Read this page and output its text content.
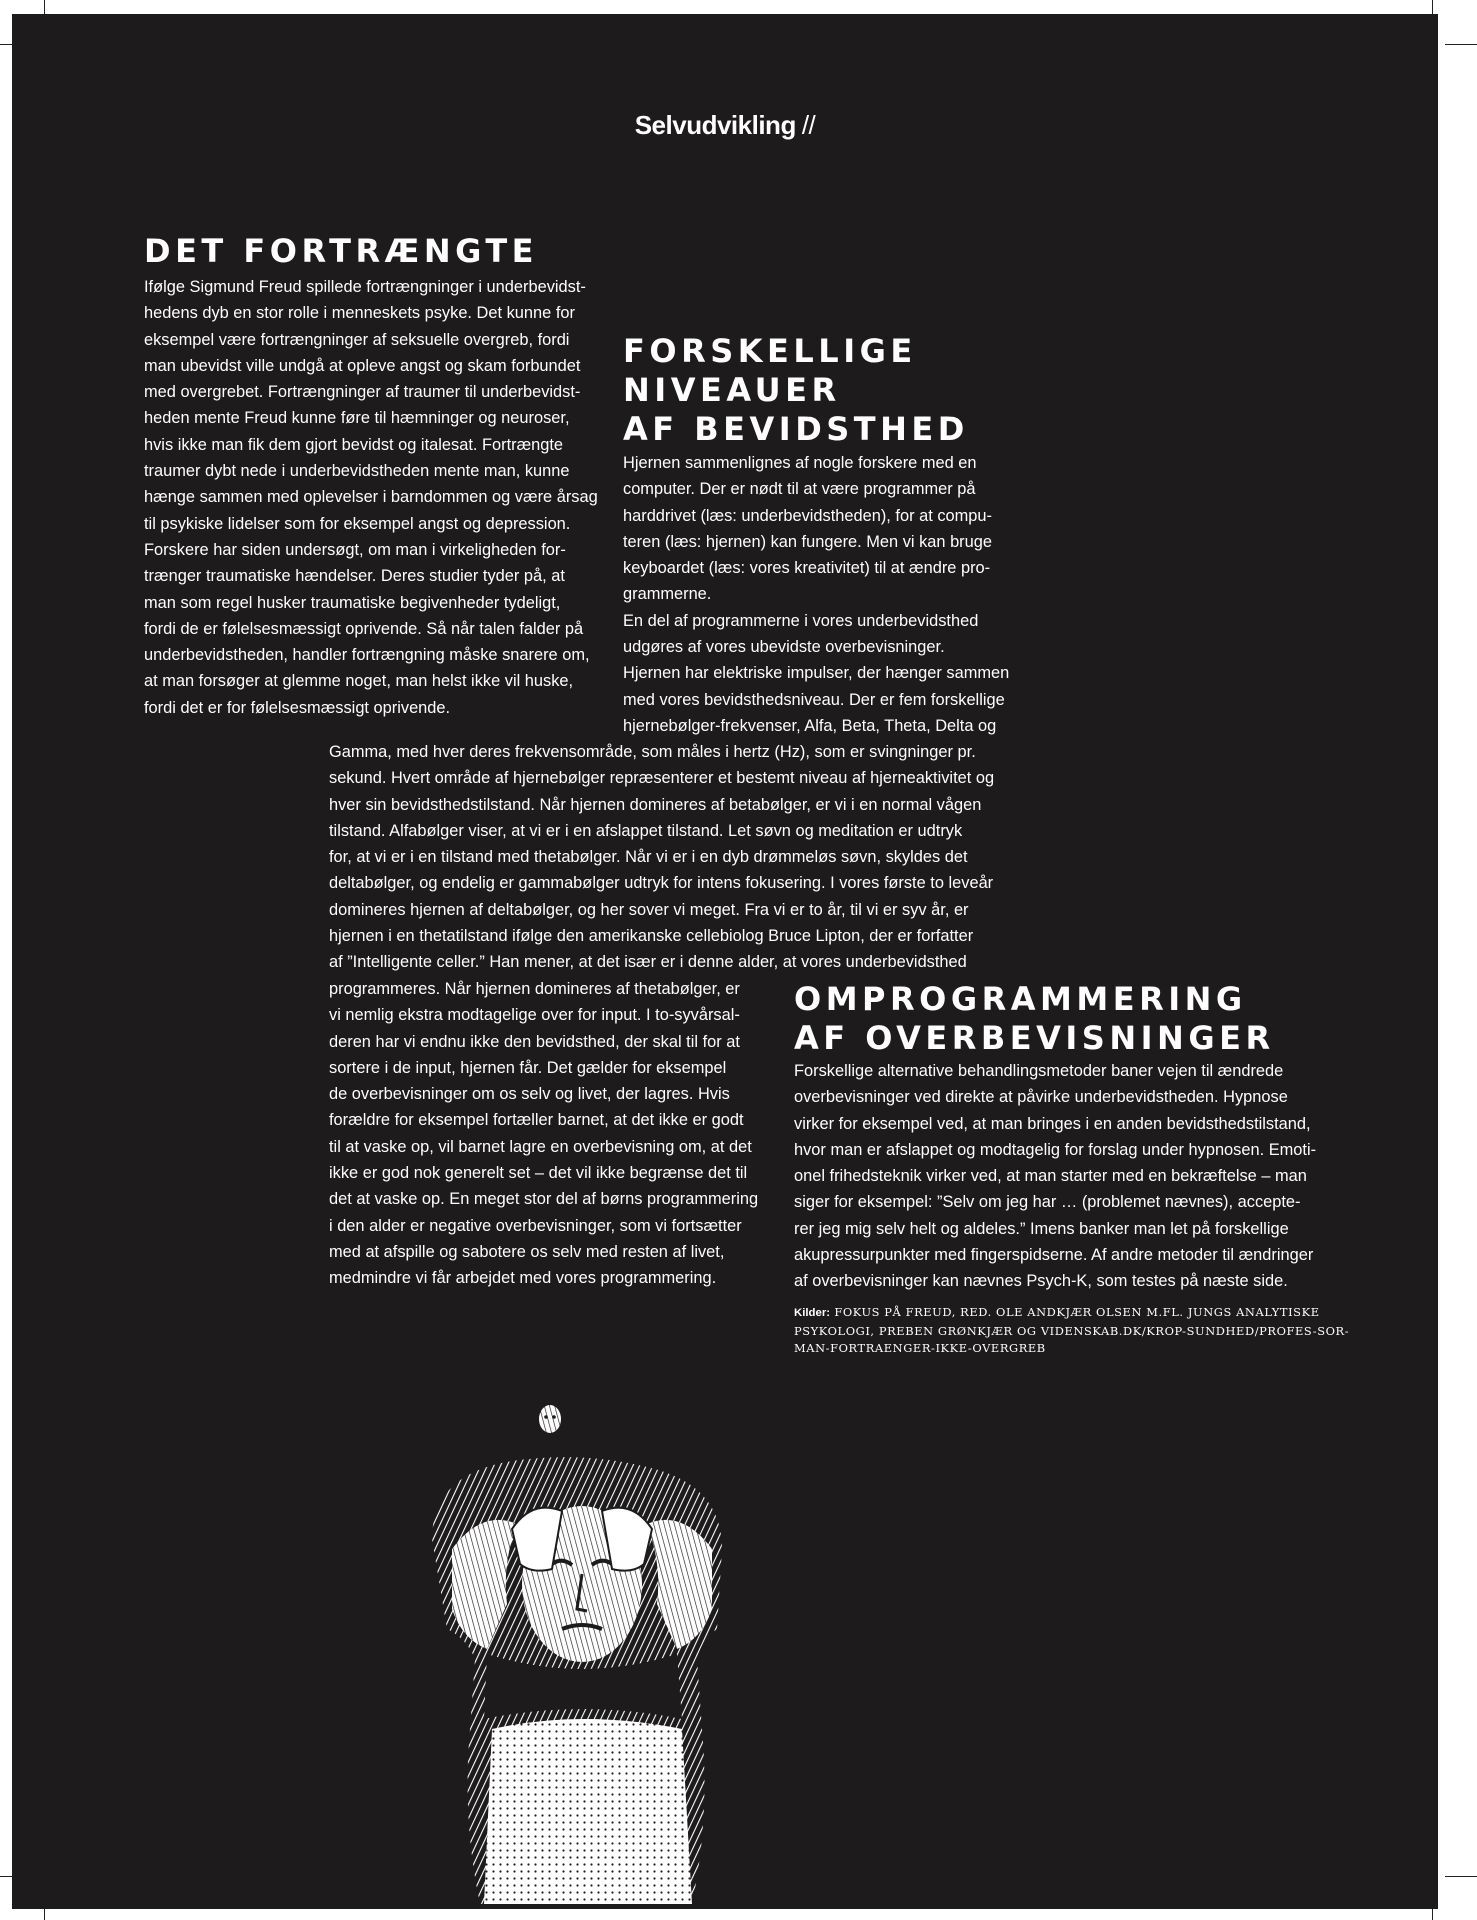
Selvudvikling //
DET FORTRÆNGTE
Ifølge Sigmund Freud spillede fortrængninger i underbevidst-
hedens dyb en stor rolle i menneskets psyke. Det kunne for
eksempel være fortrængninger af seksuelle overgreb, fordi
man ubevidst ville undgå at opleve angst og skam forbundet
med overgrebet. Fortrængninger af traumer til underbevidst-
heden mente Freud kunne føre til hæmninger og neuroser,
hvis ikke man fik dem gjort bevidst og italesat. Fortrængte
traumer dybt nede i underbevidstheden mente man, kunne
hænge sammen med oplevelser i barndommen og være årsag
til psykiske lidelser som for eksempel angst og depression.
Forskere har siden undersøgt, om man i virkeligheden for-
trænger traumatiske hændelser. Deres studier tyder på, at
man som regel husker traumatiske begivenheder tydeligt,
fordi de er følelsesmæssigt oprivende. Så når talen falder på
underbevidstheden, handler fortrængning måske snarere om,
at man forsøger at glemme noget, man helst ikke vil huske,
fordi det er for følelsesmæssigt oprivende.
FORSKELLIGE
NIVEAUER
AF BEVIDSTHED
Hjernen sammenlignes af nogle forskere med en
computer. Der er nødt til at være programmer på
harddrivet (læs: underbevidstheden), for at compu-
teren (læs: hjernen) kan fungere. Men vi kan bruge
keyboardet (læs: vores kreativitet) til at ændre pro-
grammerne.
En del af programmerne i vores underbevidsthed
udgøres af vores ubevidste overbevisninger.
Hjernen har elektriske impulser, der hænger sammen
med vores bevidsthedsniveau. Der er fem forskellige
hjernebølger-frekvenser, Alfa, Beta, Theta, Delta og
Gamma, med hver deres frekvensområde, som måles i hertz (Hz), som er svingninger pr.
sekund. Hvert område af hjernebølger repræsenterer et bestemt niveau af hjerneaktivitet og
hver sin bevidsthedstilstand. Når hjernen domineres af betabølger, er vi i en normal vågen
tilstand. Alfabølger viser, at vi er i en afslappet tilstand. Let søvn og meditation er udtryk
for, at vi er i en tilstand med thetabølger. Når vi er i en dyb drømmeløs søvn, skyldes det
deltabølger, og endelig er gammabølger udtryk for intens fokusering. I vores første to leveår
domineres hjernen af deltabølger, og her sover vi meget. Fra vi er to år, til vi er syv år, er
hjernen i en thetatilstand ifølge den amerikanske cellebiolog Bruce Lipton, der er forfatter
af ”Intelligente celler.” Han mener, at det især er i denne alder, at vores underbevidsthed
programmeres. Når hjernen domineres af thetabølger, er
vi nemlig ekstra modtagelige over for input. I to-syvårsal-
deren har vi endnu ikke den bevidsthed, der skal til for at
sortere i de input, hjernen får. Det gælder for eksempel
de overbevisninger om os selv og livet, der lagres. Hvis
forældre for eksempel fortæller barnet, at det ikke er godt
til at vaske op, vil barnet lagre en overbevisning om, at det
ikke er god nok generelt set – det vil ikke begrænse det til
det at vaske op. En meget stor del af børns programmering
i den alder er negative overbevisninger, som vi fortsætter
med at afspille og sabotere os selv med resten af livet,
medmindre vi får arbejdet med vores programmering.
OMPROGRAMMERING
AF OVERBEVISNINGER
Forskellige alternative behandlingsmetoder baner vejen til ændrede
overbevisninger ved direkte at påvirke underbevidstheden. Hypnose
virker for eksempel ved, at man bringes i en anden bevidsthedstilstand,
hvor man er afslappet og modtagelig for forslag under hypnosen. Emoti-
onel frihedsteknik virker ved, at man starter med en bekræftelse – man
siger for eksempel: ”Selv om jeg har … (problemet nævnes), accepte-
rer jeg mig selv helt og aldeles.” Imens banker man let på forskellige
akupressurpunkter med fingerspidserne. Af andre metoder til ændringer
af overbevisninger kan nævnes Psych-K, som testes på næste side.

Kilder: FOKUS PÅ FREUD, RED. OLE ANDKJÆR OLSEN M.FL. JUNGS ANALYTISKE PSYKOLOGI, PREBEN GRØNKJÆR OG VIDENSKAB.DK/KROP-SUNDHED/PROFES-SOR-MAN-FORTRAENGER-IKKE-OVERGREB
